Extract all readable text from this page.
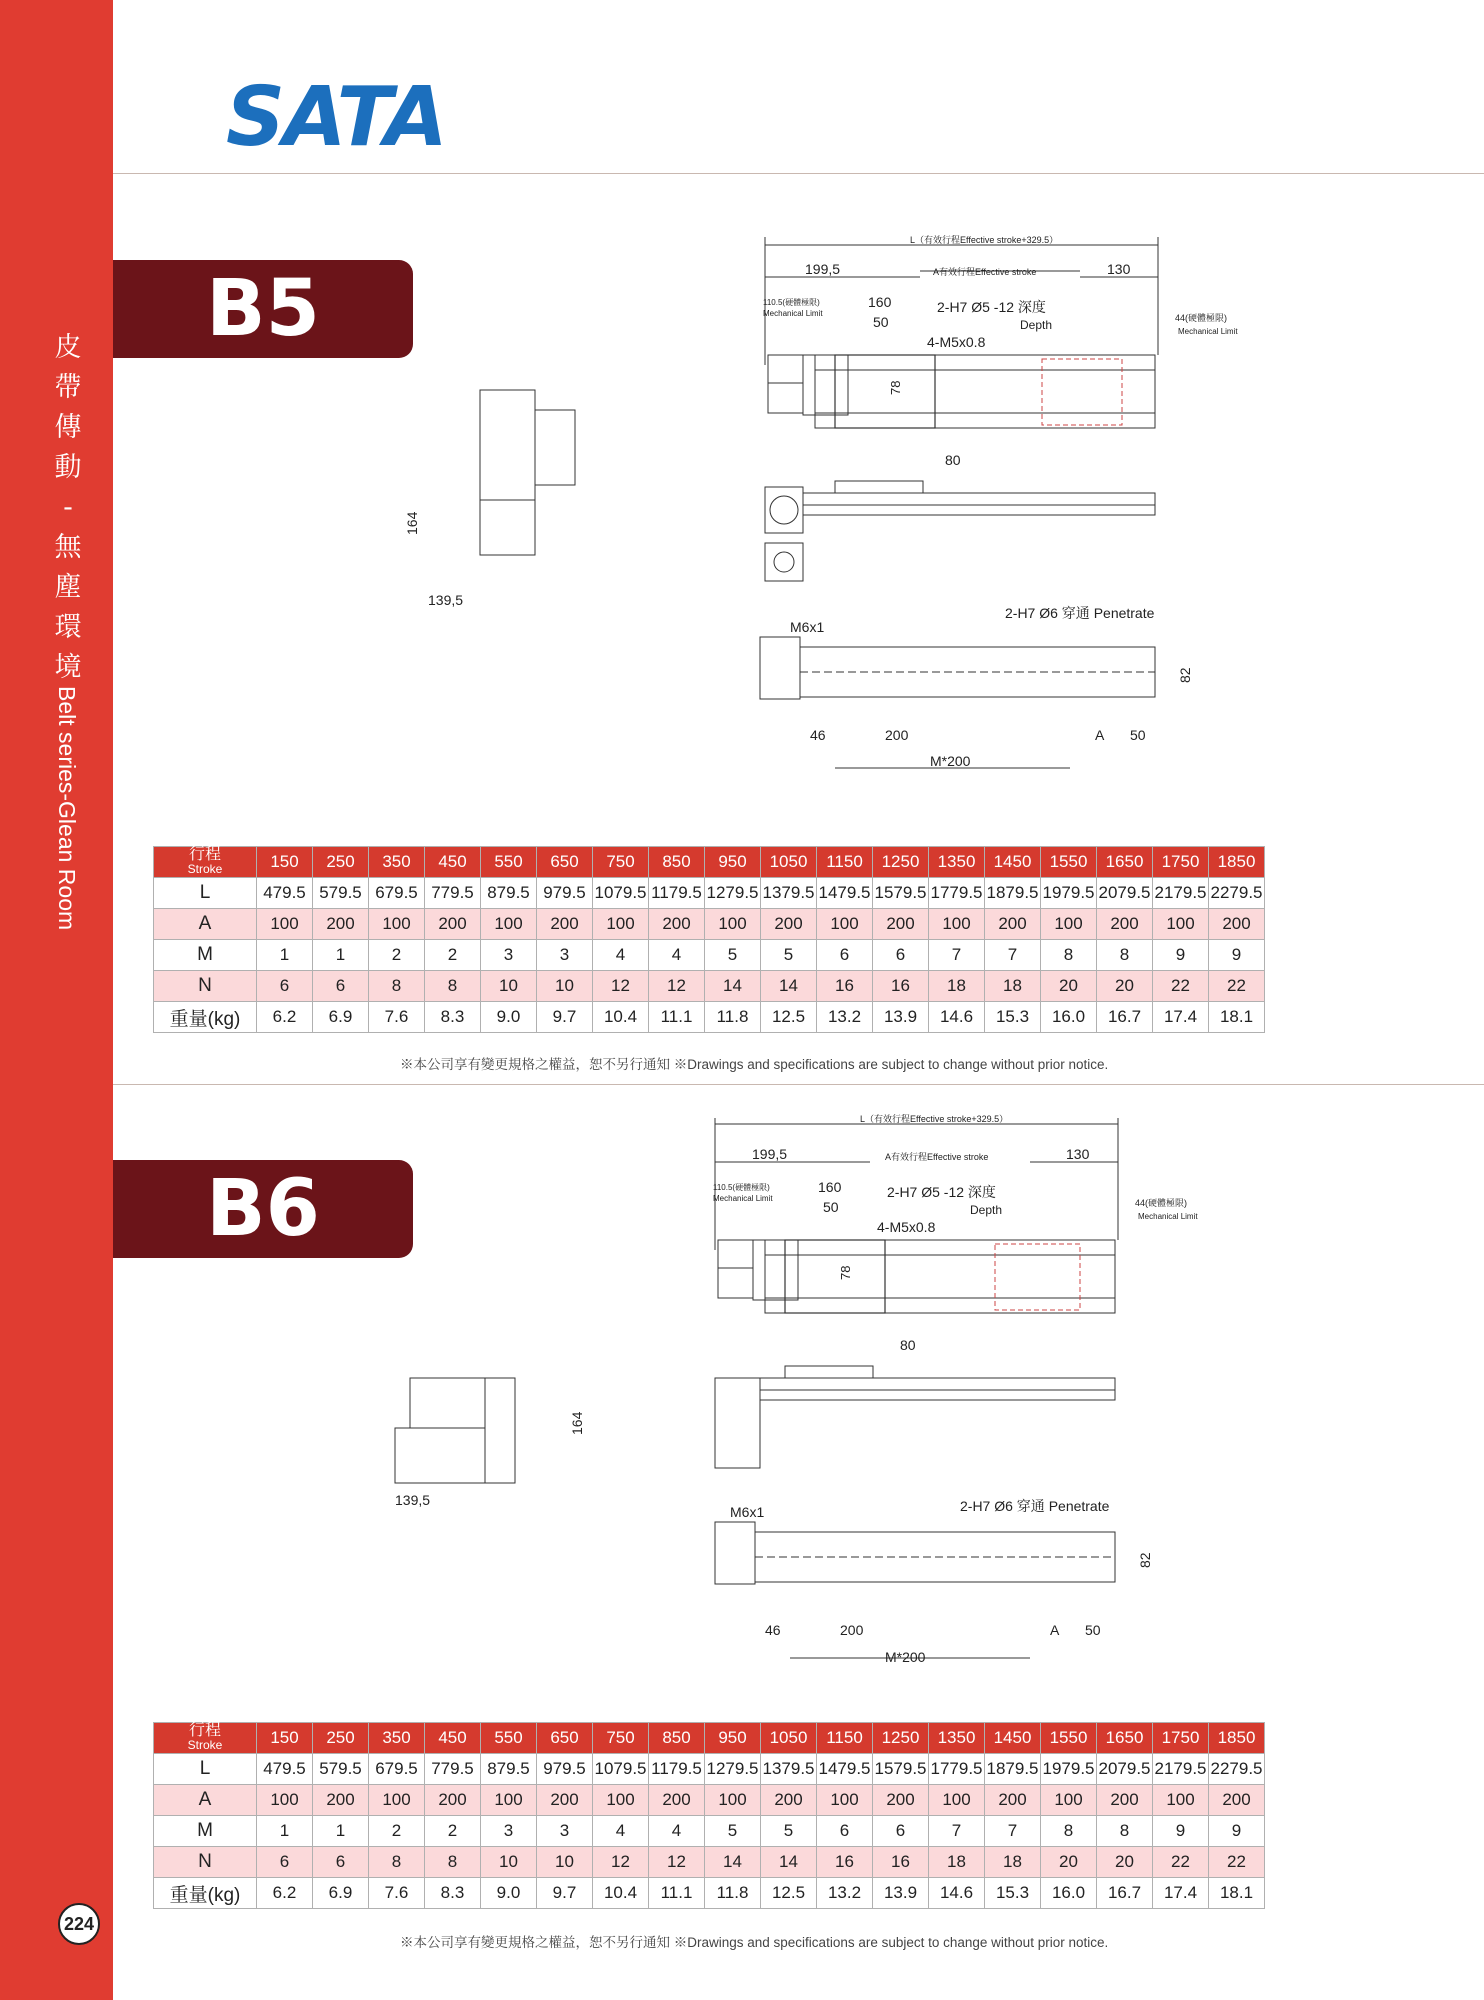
皮
帶
傳
動
-
無
塵
環
境
Belt series-Glean Room
224
SATA
B5
L（有效行程Effective stroke+329.5）
199,5	A有效行程Effective stroke	130
110.5(硬體極限)
Mechanical Limit
160
50
2-H7 Ø5 -12 深度
Depth
4-M5x0.8
44(硬體極限)
Mechanical Limit
78
80
164
139,5
M6x1
2-H7 Ø6 穿通 Penetrate
82
46	200	A 50
M*200
行程
Stroke	150	250	350	450	550	650	750	850	950	1050	1150	1250	1350	1450	1550	1650	1750	1850
L	479.5	579.5	679.5	779.5	879.5	979.5	1079.5	1179.5	1279.5	1379.5	1479.5	1579.5	1779.5	1879.5	1979.5	2079.5	2179.5	2279.5
A	100	200	100	200	100	200	100	200	100	200	100	200	100	200	100	200	100	200
M	1	1	2	2	3	3	4	4	5	5	6	6	7	7	8	8	9	9
N	6	6	8	8	10	10	12	12	14	14	16	16	18	18	20	20	22	22
重量(kg)	6.2	6.9	7.6	8.3	9.0	9.7	10.4	11.1	11.8	12.5	13.2	13.9	14.6	15.3	16.0	16.7	17.4	18.1
※本公司享有變更規格之權益，恕不另行通知 ※Drawings and specifications are subject to change without prior notice.
B6
L（有效行程Effective stroke+329.5）
199,5	A有效行程Effective stroke	130
110.5(硬體極限)
Mechanical Limit
160
50
2-H7 Ø5 -12 深度
Depth
4-M5x0.8
44(硬體極限)
Mechanical Limit
78
80
164
139,5
M6x1	2-H7 Ø6 穿通 Penetrate
82
46	200	A 50
M*200
行程
Stroke	150	250	350	450	550	650	750	850	950	1050	1150	1250	1350	1450	1550	1650	1750	1850
L	479.5	579.5	679.5	779.5	879.5	979.5	1079.5	1179.5	1279.5	1379.5	1479.5	1579.5	1779.5	1879.5	1979.5	2079.5	2179.5	2279.5
A	100	200	100	200	100	200	100	200	100	200	100	200	100	200	100	200	100	200
M	1	1	2	2	3	3	4	4	5	5	6	6	7	7	8	8	9	9
N	6	6	8	8	10	10	12	12	14	14	16	16	18	18	20	20	22	22
重量(kg)	6.2	6.9	7.6	8.3	9.0	9.7	10.4	11.1	11.8	12.5	13.2	13.9	14.6	15.3	16.0	16.7	17.4	18.1
※本公司享有變更規格之權益，恕不另行通知 ※Drawings and specifications are subject to change without prior notice.
